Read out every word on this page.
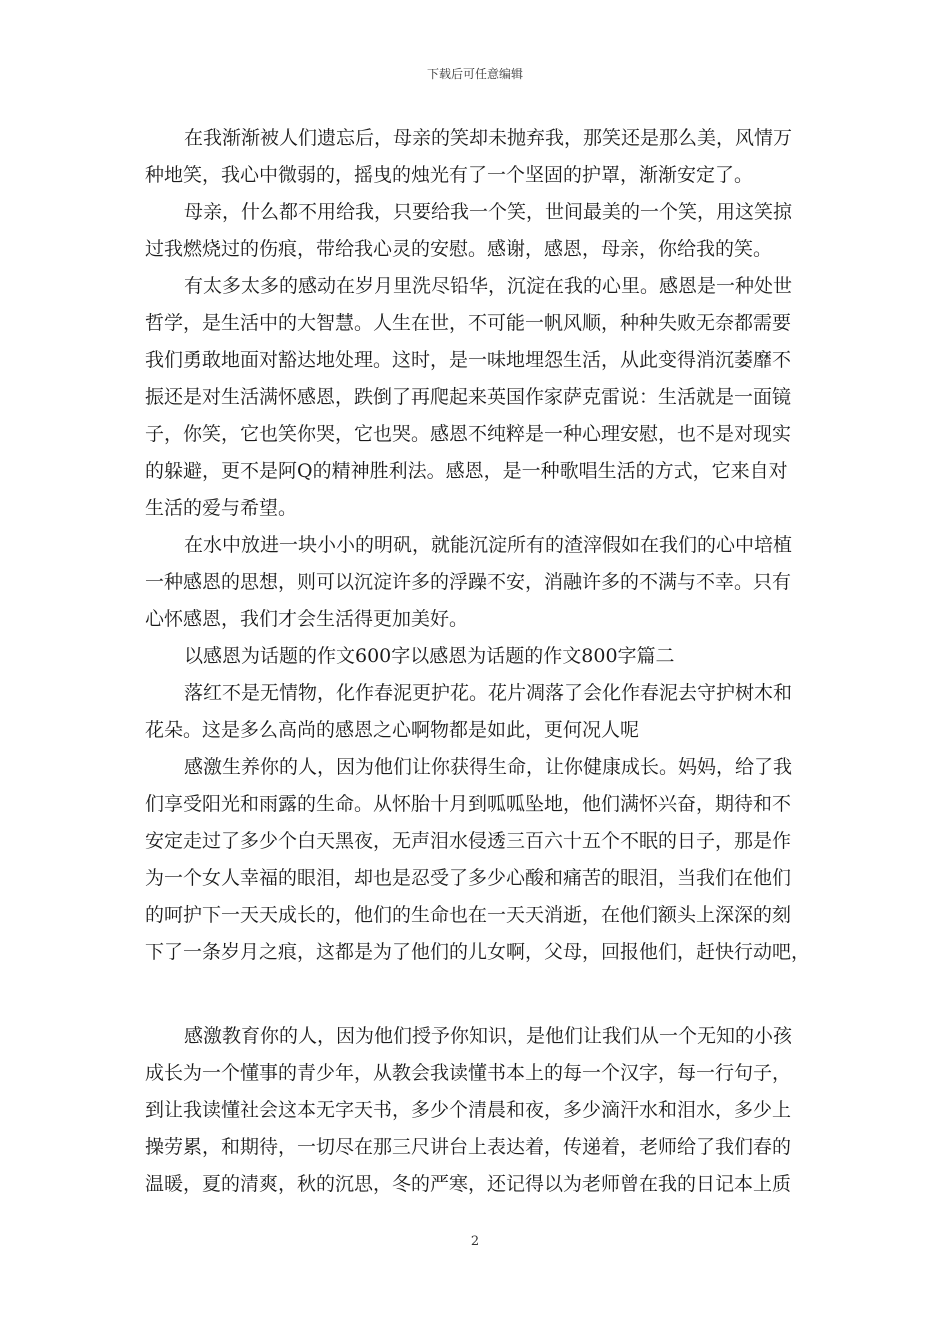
下载后可任意编辑
在我渐渐被人们遗忘后，母亲的笑却未抛弃我，那笑还是那么美，风情万
种地笑，我心中微弱的，摇曳的烛光有了一个坚固的护罩，渐渐安定了。
母亲，什么都不用给我，只要给我一个笑，世间最美的一个笑，用这笑掠
过我燃烧过的伤痕，带给我心灵的安慰。感谢，感恩，母亲，你给我的笑。
有太多太多的感动在岁月里洗尽铅华，沉淀在我的心里。感恩是一种处世
哲学，是生活中的大智慧。人生在世，不可能一帆风顺，种种失败无奈都需要
我们勇敢地面对豁达地处理。这时，是一味地埋怨生活，从此变得消沉萎靡不
振还是对生活满怀感恩，跌倒了再爬起来英国作家萨克雷说：生活就是一面镜
子，你笑，它也笑你哭，它也哭。感恩不纯粹是一种心理安慰，也不是对现实
的躲避，更不是阿Q的精神胜利法。感恩，是一种歌唱生活的方式，它来自对
生活的爱与希望。
在水中放进一块小小的明矾，就能沉淀所有的渣滓假如在我们的心中培植
一种感恩的思想，则可以沉淀许多的浮躁不安，消融许多的不满与不幸。只有
心怀感恩，我们才会生活得更加美好。
以感恩为话题的作文600字以感恩为话题的作文800字篇二
落红不是无情物，化作春泥更护花。花片凋落了会化作春泥去守护树木和
花朵。这是多么高尚的感恩之心啊物都是如此，更何况人呢
感激生养你的人，因为他们让你获得生命，让你健康成长。妈妈，给了我
们享受阳光和雨露的生命。从怀胎十月到呱呱坠地，他们满怀兴奋，期待和不
安定走过了多少个白天黑夜，无声泪水侵透三百六十五个不眠的日子，那是作
为一个女人幸福的眼泪，却也是忍受了多少心酸和痛苦的眼泪，当我们在他们
的呵护下一天天成长的，他们的生命也在一天天消逝，在他们额头上深深的刻
下了一条岁月之痕，这都是为了他们的儿女啊，父母，回报他们，赶快行动吧，
感激教育你的人，因为他们授予你知识，是他们让我们从一个无知的小孩
成长为一个懂事的青少年，从教会我读懂书本上的每一个汉字，每一行句子，
到让我读懂社会这本无字天书，多少个清晨和夜，多少滴汗水和泪水，多少上
操劳累，和期待，一切尽在那三尺讲台上表达着，传递着，老师给了我们春的
温暖，夏的清爽，秋的沉思，冬的严寒，还记得以为老师曾在我的日记本上质
2
